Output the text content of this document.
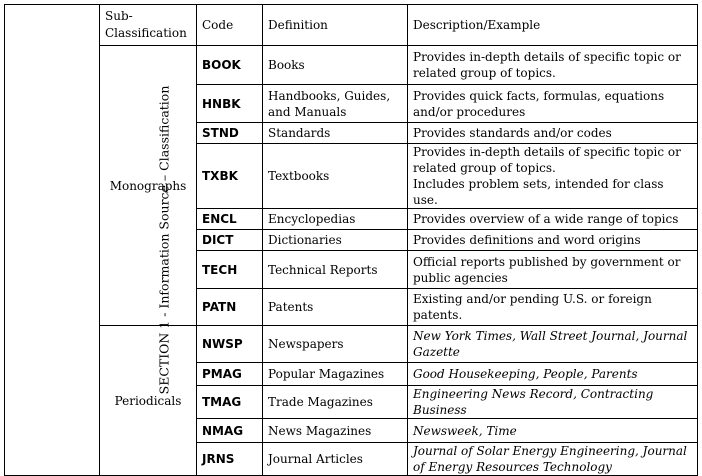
SECTION 1 - Information Source – Classification	Sub-
Classification	Code	Definition	Description/Example
	Monographs	BOOK	Books	Provides in-depth details of specific topic or related group of topics.
		HNBK	Handbooks, Guides, and Manuals	Provides quick facts, formulas, equations and/or procedures
		STND	Standards	Provides standards and/or codes
		TXBK	Textbooks	Provides in-depth details of specific topic or related group of topics.
Includes problem sets, intended for class use.

		ENCL	Encyclopedias	Provides overview of a wide range of topics
		DICT	Dictionaries	Provides definitions and word origins
		TECH	Technical Reports	Official reports published by government or public agencies
		PATN	Patents	Existing and/or pending U.S. or foreign patents.
	Periodicals	NWSP	Newspapers	New York Times, Wall Street Journal, Journal Gazette
		PMAG	Popular Magazines	Good Housekeeping, People, Parents
		TMAG	Trade Magazines	Engineering News Record, Contracting Business
		NMAG	News Magazines	Newsweek, Time
		JRNS	Journal Articles	Journal of Solar Energy Engineering, Journal of Energy Resources Technology
